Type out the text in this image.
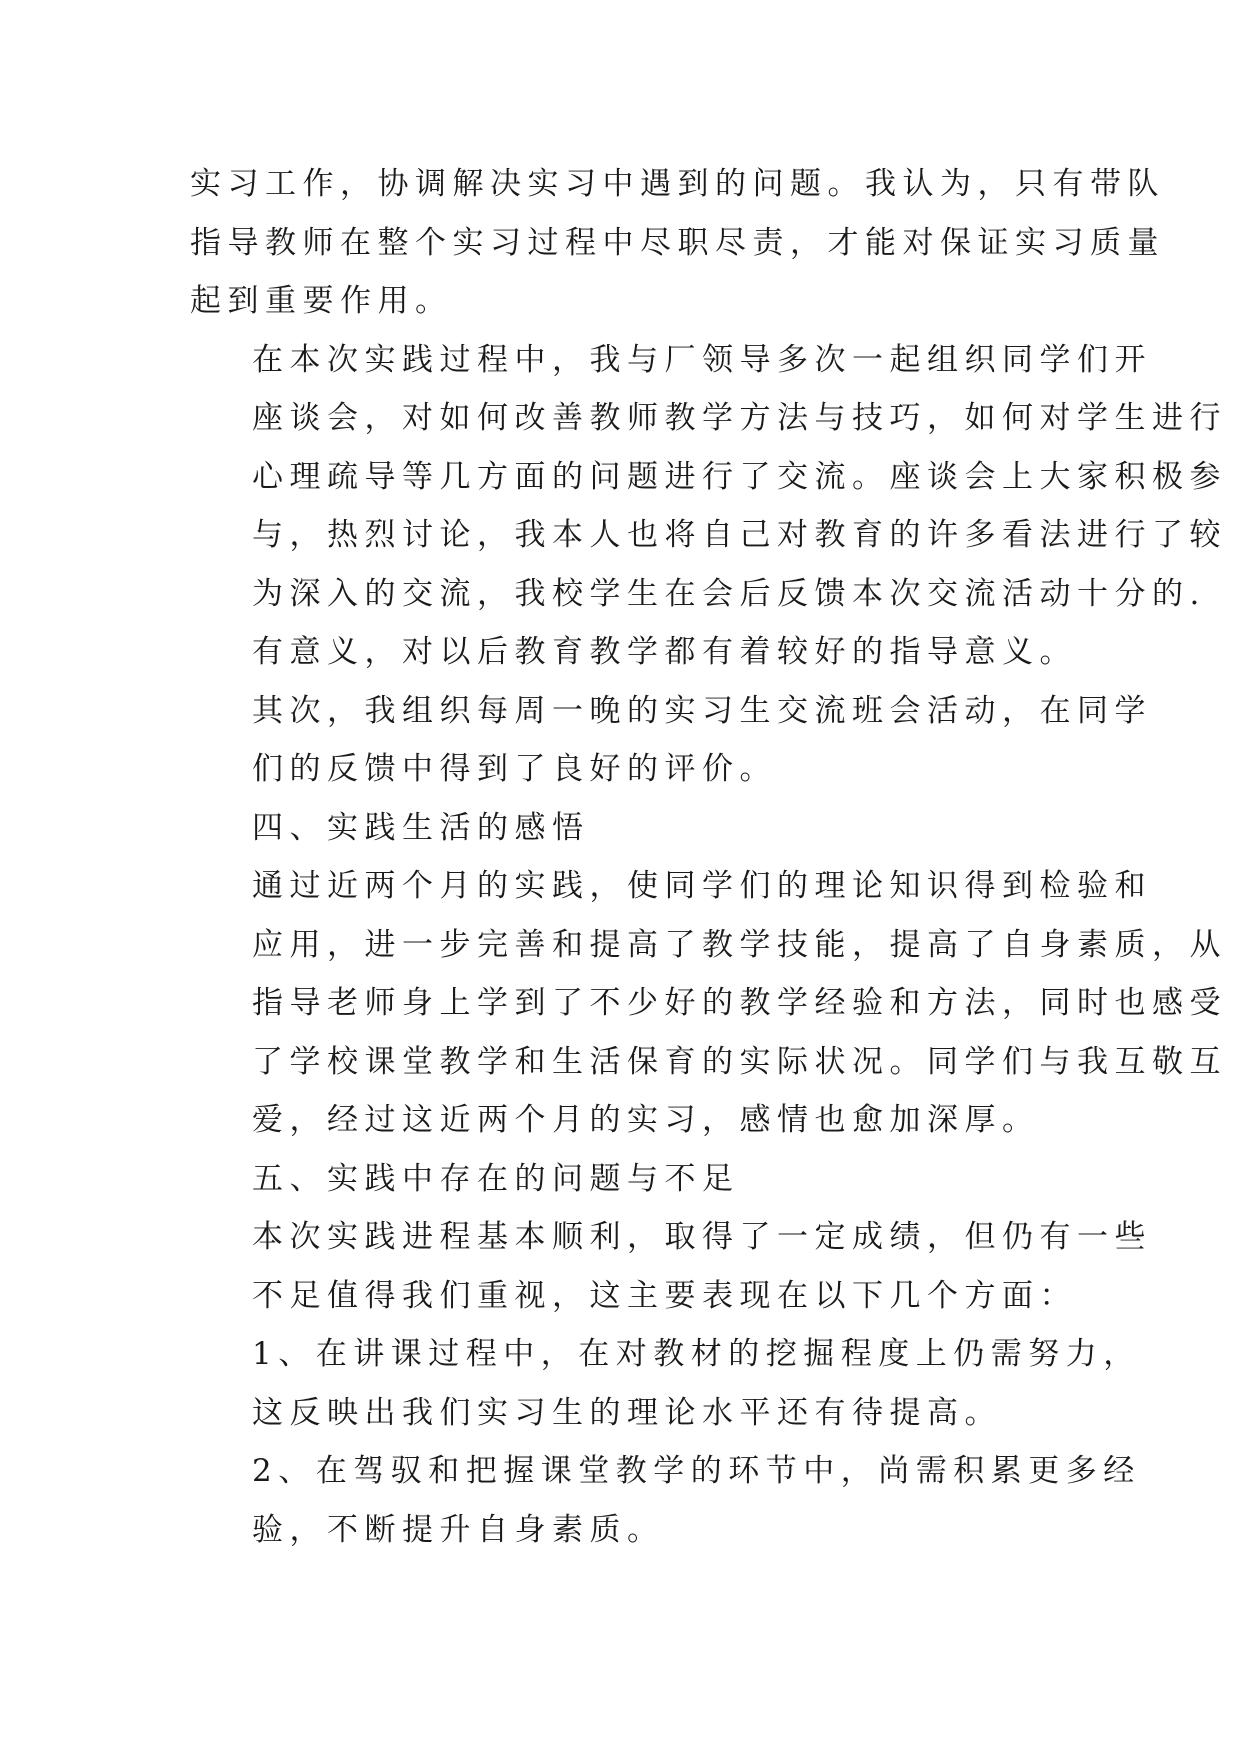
实习工作，协调解决实习中遇到的问题。我认为，只有带队
指导教师在整个实习过程中尽职尽责，才能对保证实习质量
起到重要作用。

在本次实践过程中，我与厂领导多次一起组织同学们开
座谈会，对如何改善教师教学方法与技巧，如何对学生进行
心理疏导等几方面的问题进行了交流。座谈会上大家积极参
与，热烈讨论，我本人也将自己对教育的许多看法进行了较
为深入的交流，我校学生在会后反馈本次交流活动十分的.
有意义，对以后教育教学都有着较好的指导意义。

其次，我组织每周一晚的实习生交流班会活动，在同学
们的反馈中得到了良好的评价。

四、实践生活的感悟

通过近两个月的实践，使同学们的理论知识得到检验和
应用，进一步完善和提高了教学技能，提高了自身素质，从
指导老师身上学到了不少好的教学经验和方法，同时也感受
了学校课堂教学和生活保育的实际状况。同学们与我互敬互
爱，经过这近两个月的实习，感情也愈加深厚。

五、实践中存在的问题与不足

本次实践进程基本顺利，取得了一定成绩，但仍有一些
不足值得我们重视，这主要表现在以下几个方面：

1、在讲课过程中，在对教材的挖掘程度上仍需努力，
这反映出我们实习生的理论水平还有待提高。

2、在驾驭和把握课堂教学的环节中，尚需积累更多经
验，不断提升自身素质。
